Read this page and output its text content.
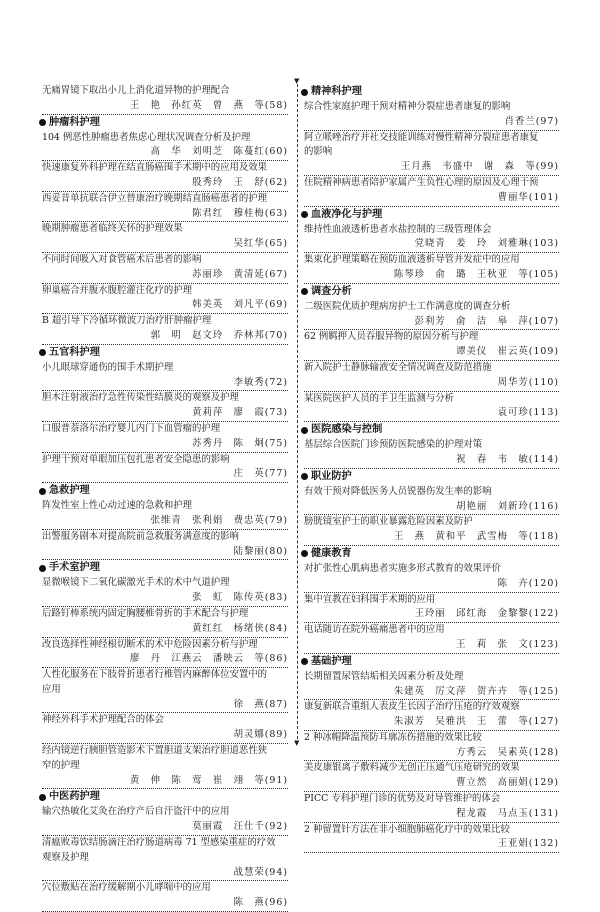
▼
▼
无痛胃镜下取出小儿上消化道异物的护理配合
王　艳　孙红英　曾　燕　等(58)
肿瘤科护理
104 例恶性肿瘤患者焦虑心理状况调查分析及护理
高　华　刘明芝　陈蔓红(60)
快速康复外科护理在结直肠癌围手术期中的应用及效果
殷秀玲　王　舒(62)
西妥昔单抗联合伊立替康治疗晚期结直肠癌患者的护理
陈君红　穆桂梅(63)
晚期肿瘤患者临终关怀的护理效果
吴红华(65)
不同时间吸入对食管癌术后患者的影响
苏丽珍　黄清延(67)
卵巢癌合并腹水腹腔灌注化疗的护理
韩美英　刘凡平(69)
B 超引导下冷循环微波刀治疗肝肿瘤护理
郭　明　赵文玲　乔林邦(70)
五官科护理
小儿眼球穿通伤的围手术期护理
李敏秀(72)
胆木注射液治疗急性传染性结膜炎的观察及护理
黄莉萍　廖　霞(73)
口服普萘洛尔治疗婴儿内门下血管瘤的护理
苏秀丹　陈　炯(75)
护理干预对单眼加压包扎患者安全隐患的影响
庄　英(77)
急救护理
阵发性室上性心动过速的急救和护理
张维青　张利娟　费忠英(79)
出警服务剧本对提高院前急救服务满意度的影响
陆黎丽(80)
手术室护理
显微喉镜下二氧化碳激光手术的术中气道护理
张　虹　陈传英(83)
后路钉棒系统内固定胸腰椎骨折的手术配合与护理
黄红红　杨绪侠(84)
改良选择性神经根切断术的术中危险因素分析与护理
廖　丹　江燕云　潘映云　等(86)
人性化服务在下肢骨折患者行椎管内麻醉体位安置中的
应用
徐　燕(87)
神经外科手术护理配合的体会
胡灵娜(89)
经内镜逆行胰胆管造影术下置胆道支架治疗胆道恶性狭
窄的护理
黄　伸　陈　莺　崔　翊　等(91)
中医药护理
输穴热敏化艾灸在治疗产后自汗盗汗中的应用
莫丽霞　汪仕千(92)
清瘟败毒饮结肠滴注治疗肠道病毒 71 型感染重症的疗效
观察及护理
战慧荣(94)
穴位敷贴在治疗缓解期小儿哮喘中的应用
陈　燕(96)
精神科护理
综合性家庭护理干预对精神分裂症患者康复的影响
肖香兰(97)
阿立哌唑治疗并社交技能训练对慢性精神分裂症患者康复
的影响
王月燕　韦盛中　谢　森　等(99)
住院精神病患者陪护家属产生负性心理的原因及心理干预
曹丽华(101)
血液净化与护理
维持性血液透析患者水盐控制的三级管理体会
党晓青　姜　玲　刘雅琳(103)
集束化护理策略在预防血液透析导管并发症中的应用
陈琴珍　俞　璐　王秋亚　等(105)
调查分析
二级医院优质护理病房护士工作满意度的调查分析
彭利芳　俞　洁　皋　萍(107)
62 例羁押人员吞服异物的原因分析与护理
谭美仪　崔云英(109)
新入院护士静脉输液安全情况调查及防范措施
周华芳(110)
某医院医护人员的手卫生监测与分析
袁可珍(113)
医院感染与控制
基层综合医院门诊预防医院感染的护理对策
祝　春　韦　敏(114)
职业防护
有效干预对降低医务人员锐器伤发生率的影响
胡艳丽　刘新玲(116)
膀胱镜室护士的职业暴露危险因素及防护
王　燕　黄和平　武雪梅　等(118)
健康教育
对扩张性心肌病患者实施多形式教育的效果评价
陈　卉(120)
集中宣教在妇科围手术期的应用
王玲丽　邱红海　金黎黎(122)
电话随访在院外癌痛患者中的应用
王　莉　张　文(123)
基础护理
长期留置尿管结垢相关因素分析及处理
朱建英　厉文萍　贺卉卉　等(125)
康复新联合重组人表皮生长因子治疗压疮的疗效观察
朱淑芳　吴雅洪　王　蕾　等(127)
2 种冰帽降温预防耳廓冻伤措施的效果比较
方秀云　吴素英(128)
美皮康银离子敷料减少无创正压通气压疮研究的效果
曹立然　高丽娟(129)
PICC 专科护理门诊的优势及对导管维护的体会
程龙霞　马点玉(131)
2 种留置针方法在非小细胞肺癌化疗中的效果比较
王亚娟(132)
